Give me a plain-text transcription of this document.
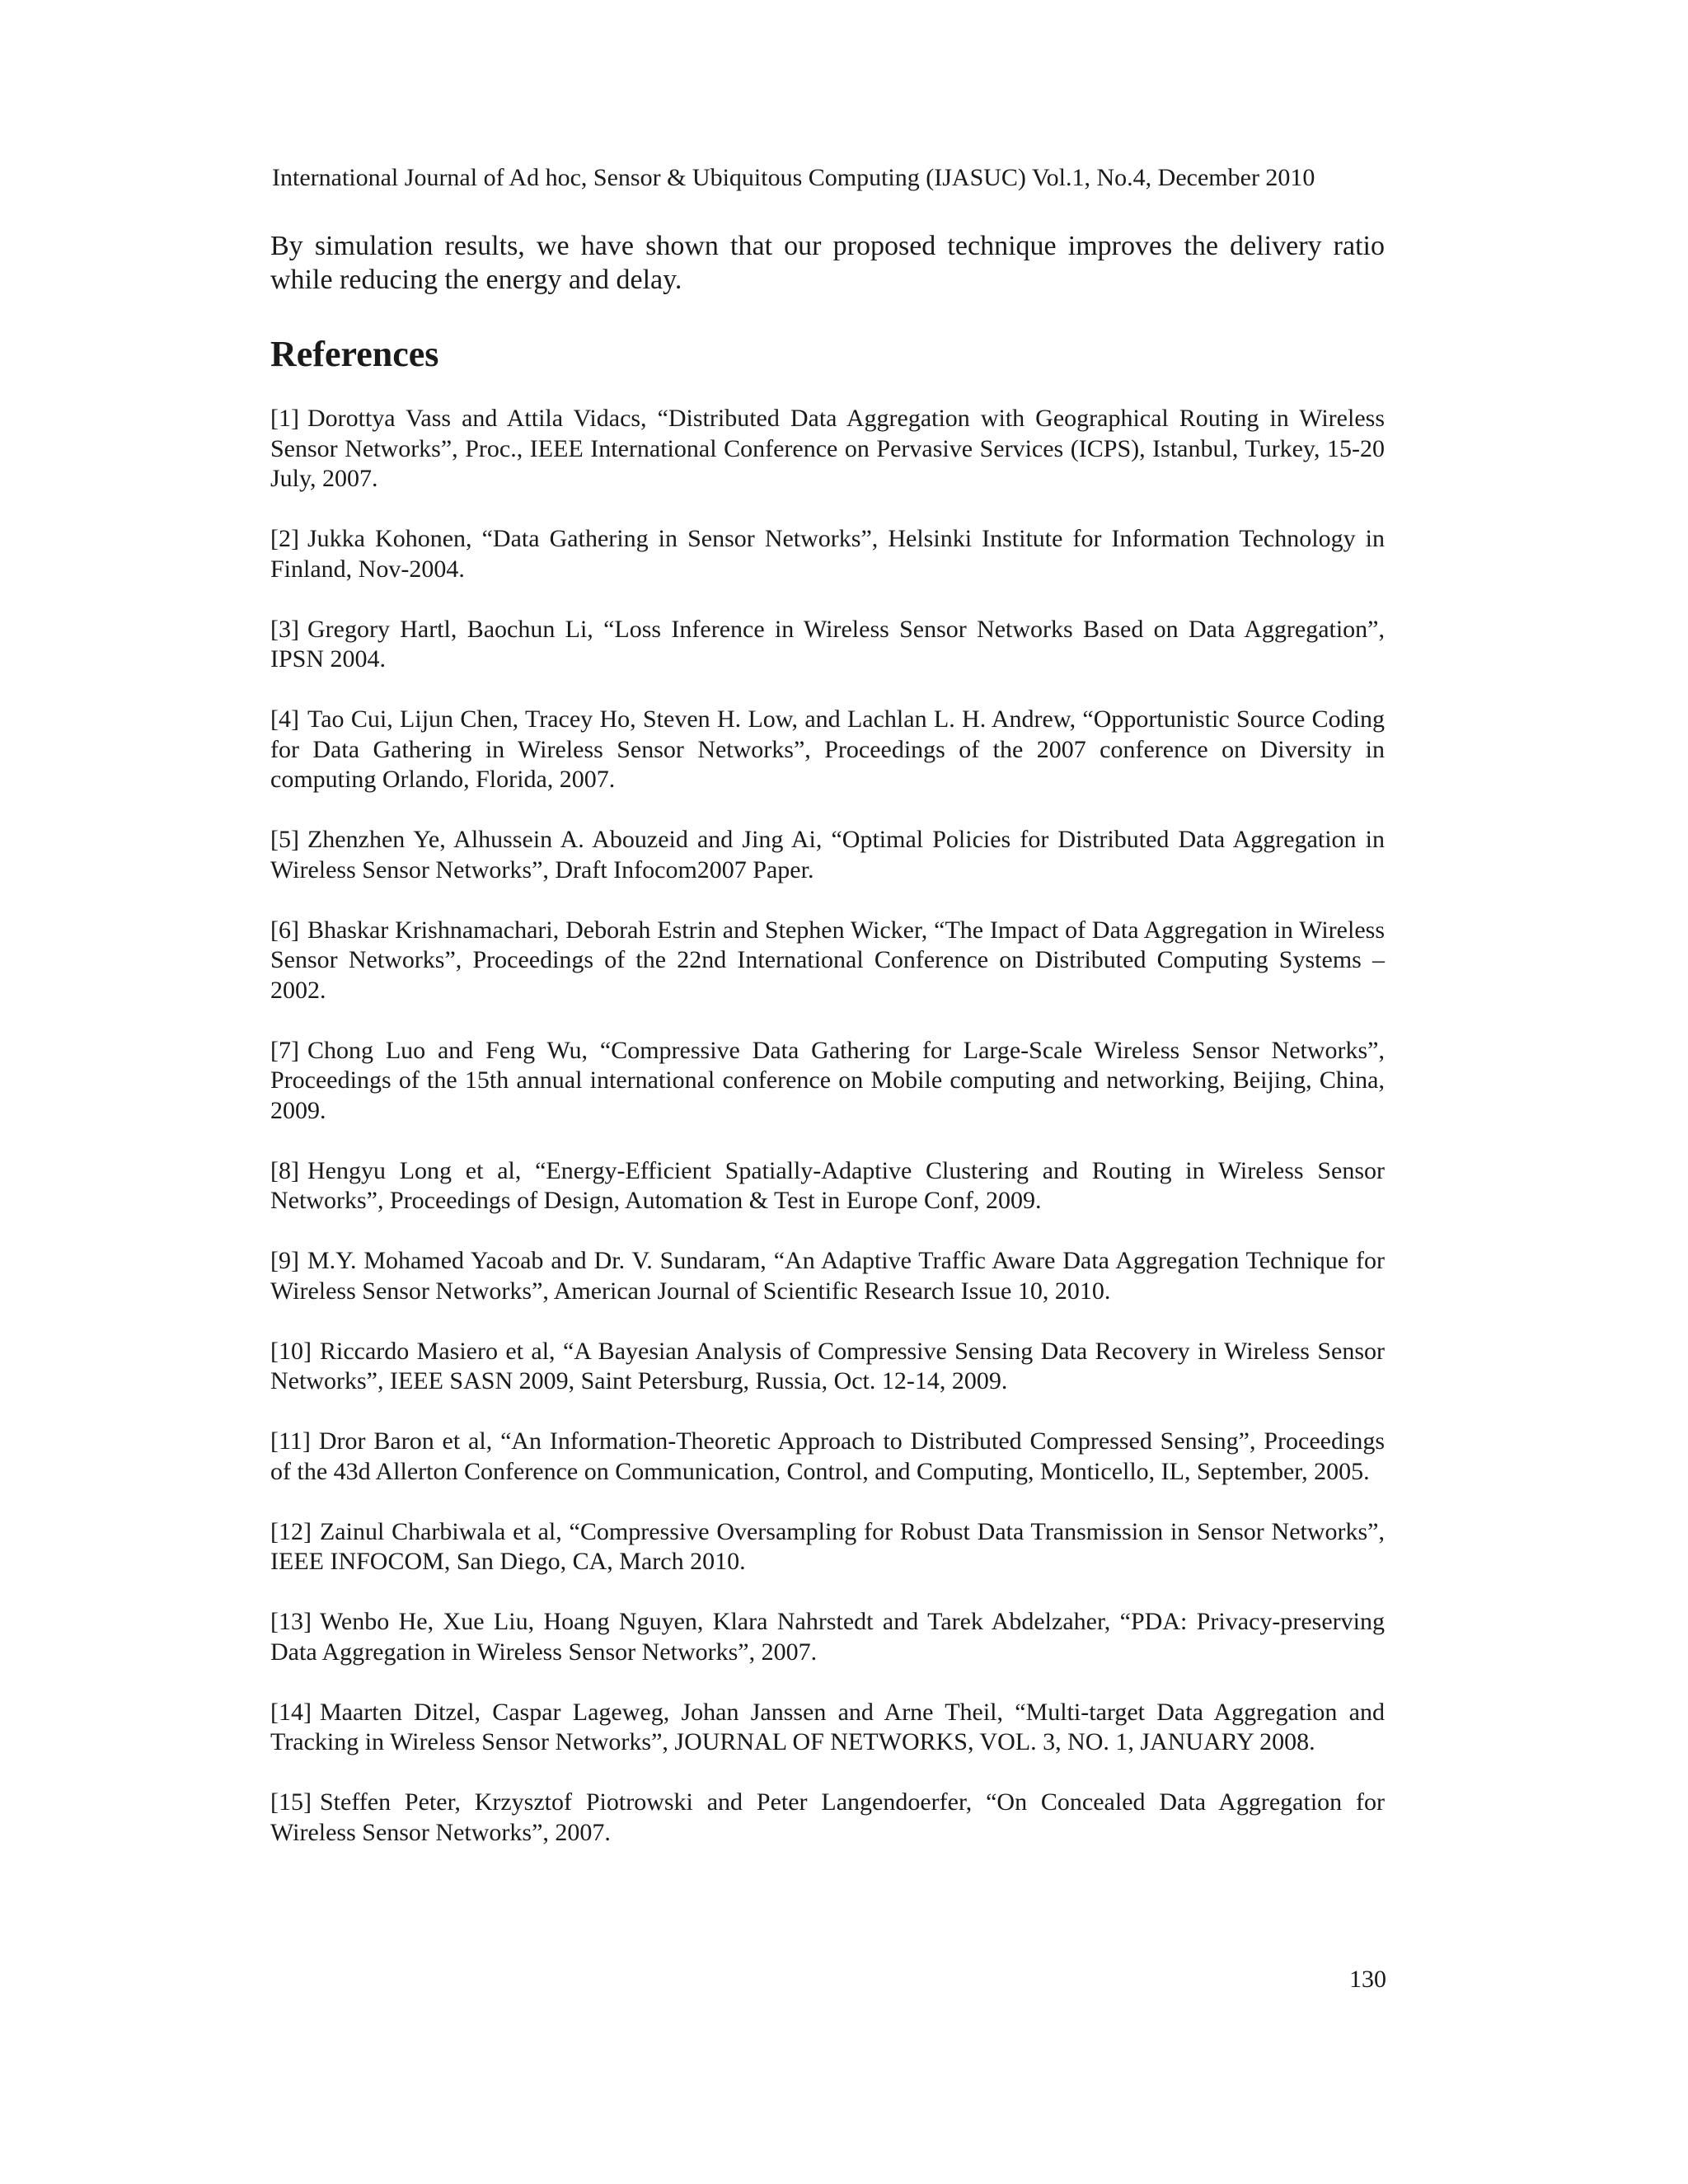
International Journal of Ad hoc, Sensor & Ubiquitous Computing (IJASUC) Vol.1, No.4, December 2010

By simulation results, we have shown that our proposed technique improves the delivery ratio while reducing the energy and delay.

References
[1] Dorottya Vass and Attila Vidacs, “Distributed Data Aggregation with Geographical Routing in Wireless Sensor Networks”, Proc., IEEE International Conference on Pervasive Services (ICPS), Istanbul, Turkey, 15-20 July, 2007.
[2] Jukka Kohonen, “Data Gathering in Sensor Networks”, Helsinki Institute for Information Technology in Finland, Nov-2004.
[3] Gregory Hartl, Baochun Li, “Loss Inference in Wireless Sensor Networks Based on Data Aggregation”, IPSN 2004.
[4] Tao Cui, Lijun Chen, Tracey Ho, Steven H. Low, and Lachlan L. H. Andrew, “Opportunistic Source Coding for Data Gathering in Wireless Sensor Networks”, Proceedings of the 2007 conference on Diversity in computing Orlando, Florida, 2007.
[5] Zhenzhen Ye, Alhussein A. Abouzeid and Jing Ai, “Optimal Policies for Distributed Data Aggregation in Wireless Sensor Networks”, Draft Infocom2007 Paper.
[6] Bhaskar Krishnamachari, Deborah Estrin and Stephen Wicker, “The Impact of Data Aggregation in Wireless Sensor Networks”, Proceedings of the 22nd International Conference on Distributed Computing Systems – 2002.
[7] Chong Luo and Feng Wu, “Compressive Data Gathering for Large-Scale Wireless Sensor Networks”, Proceedings of the 15th annual international conference on Mobile computing and networking, Beijing, China, 2009.
[8] Hengyu Long et al, “Energy-Efficient Spatially-Adaptive Clustering and Routing in Wireless Sensor Networks”, Proceedings of Design, Automation & Test in Europe Conf, 2009.
[9] M.Y. Mohamed Yacoab and Dr. V. Sundaram, “An Adaptive Traffic Aware Data Aggregation Technique for Wireless Sensor Networks”, American Journal of Scientific Research Issue 10, 2010.
[10] Riccardo Masiero et al, “A Bayesian Analysis of Compressive Sensing Data Recovery in Wireless Sensor Networks”, IEEE SASN 2009, Saint Petersburg, Russia, Oct. 12-14, 2009.
[11] Dror Baron et al, “An Information-Theoretic Approach to Distributed Compressed Sensing”, Proceedings of the 43d Allerton Conference on Communication, Control, and Computing, Monticello, IL, September, 2005.
[12] Zainul Charbiwala et al, “Compressive Oversampling for Robust Data Transmission in Sensor Networks”, IEEE INFOCOM, San Diego, CA, March 2010.
[13] Wenbo He, Xue Liu, Hoang Nguyen, Klara Nahrstedt and Tarek Abdelzaher, “PDA: Privacy-preserving Data Aggregation in Wireless Sensor Networks”, 2007.
[14] Maarten Ditzel, Caspar Lageweg, Johan Janssen and Arne Theil, “Multi-target Data Aggregation and Tracking in Wireless Sensor Networks”, JOURNAL OF NETWORKS, VOL. 3, NO. 1, JANUARY 2008.
[15] Steffen Peter, Krzysztof Piotrowski and Peter Langendoerfer, “On Concealed Data Aggregation for Wireless Sensor Networks”, 2007.
130
